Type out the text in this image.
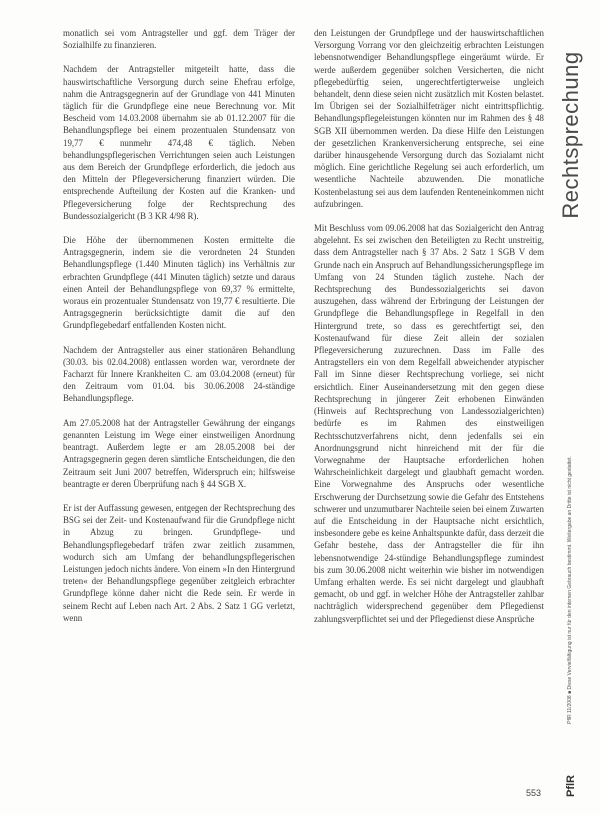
monatlich sei vom Antragsteller und ggf. dem Träger der Sozialhilfe zu finanzieren.

Nachdem der Antragsteller mitgeteilt hatte, dass die hauswirtschaftliche Versorgung durch seine Ehefrau erfolge, nahm die Antragsgegnerin auf der Grundlage von 441 Minuten täglich für die Grundpflege eine neue Berechnung vor. Mit Bescheid vom 14.03.2008 übernahm sie ab 01.12.2007 für die Behandlungspflege bei einem prozentualen Stundensatz von 19,77 € nunmehr 474,48 € täglich. Neben behandlungspflegerischen Verrichtungen seien auch Leistungen aus dem Bereich der Grundpflege erforderlich, die jedoch aus den Mitteln der Pflegeversicherung finanziert würden. Die entsprechende Aufteilung der Kosten auf die Kranken- und Pflegeversicherung folge der Rechtsprechung des Bundessozialgericht (B 3 KR 4/98 R).

Die Höhe der übernommenen Kosten ermittelte die Antragsgegnerin, indem sie die verordneten 24 Stunden Behandlungspflege (1.440 Minuten täglich) ins Verhältnis zur erbrachten Grundpflege (441 Minuten täglich) setzte und daraus einen Anteil der Behandlungspflege von 69,37 % ermittelte, woraus ein prozentualer Stundensatz von 19,77 € resultierte. Die Antragsgegnerin berücksichtigte damit die auf den Grundpflegebedarf entfallenden Kosten nicht.

Nachdem der Antragsteller aus einer stationären Behandlung (30.03. bis 02.04.2008) entlassen worden war, verordnete der Facharzt für Innere Krankheiten C. am 03.04.2008 (erneut) für den Zeitraum vom 01.04. bis 30.06.2008 24-ständige Behandlungspflege.

Am 27.05.2008 hat der Antragsteller Gewährung der eingangs genannten Leistung im Wege einer einstweiligen Anordnung beantragt. Außerdem legte er am 28.05.2008 bei der Antragsgegnerin gegen deren sämtliche Entscheidungen, die den Zeitraum seit Juni 2007 betreffen, Widerspruch ein; hilfsweise beantragte er deren Überprüfung nach § 44 SGB X.

Er ist der Auffassung gewesen, entgegen der Rechtsprechung des BSG sei der Zeit- und Kostenaufwand für die Grundpflege nicht in Abzug zu bringen. Grundpflege- und Behandlungspflegebedarf träfen zwar zeitlich zusammen, wodurch sich am Umfang der behandlungspflegerischen Leistungen jedoch nichts ändere. Von einem »In den Hintergrund treten« der Behandlungspflege gegenüber zeitgleich erbrachter Grundpflege könne daher nicht die Rede sein. Er werde in seinem Recht auf Leben nach Art. 2 Abs. 2 Satz 1 GG verletzt, wenn

den Leistungen der Grundpflege und der hauswirtschaftlichen Versorgung Vorrang vor den gleichzeitig erbrachten Leistungen lebensnotwendiger Behandlungspflege eingeräumt würde. Er werde außerdem gegenüber solchen Versicherten, die nicht pflegebedürftig seien, ungerechtfertigterweise ungleich behandelt, denn diese seien nicht zusätzlich mit Kosten belastet. Im Übrigen sei der Sozialhilfeträger nicht eintrittspflichtig. Behandlungspflegeleistungen könnten nur im Rahmen des § 48 SGB XII übernommen werden. Da diese Hilfe den Leistungen der gesetzlichen Krankenversicherung entspreche, sei eine darüber hinausgehende Versorgung durch das Sozialamt nicht möglich. Eine gerichtliche Regelung sei auch erforderlich, um wesentliche Nachteile abzuwenden. Die monatliche Kostenbelastung sei aus dem laufenden Renteneinkommen nicht aufzubringen.

Mit Beschluss vom 09.06.2008 hat das Sozialgericht den Antrag abgelehnt. Es sei zwischen den Beteiligten zu Recht unstreitig, dass dem Antragsteller nach § 37 Abs. 2 Satz 1 SGB V dem Grunde nach ein Anspruch auf Behandlungssicherungspflege im Umfang von 24 Stunden täglich zustehe. Nach der Rechtsprechung des Bundessozialgerichts sei davon auszugehen, dass während der Erbringung der Leistungen der Grundpflege die Behandlungspflege in Regelfall in den Hintergrund trete, so dass es gerechtfertigt sei, den Kostenaufwand für diese Zeit allein der sozialen Pflegeversicherung zuzurechnen. Dass im Falle des Antragstellers ein von dem Regelfall abweichender atypischer Fall im Sinne dieser Rechtsprechung vorliege, sei nicht ersichtlich. Einer Auseinandersetzung mit den gegen diese Rechtsprechung in jüngerer Zeit erhobenen Einwänden (Hinweis auf Rechtsprechung von Landessozialgerichten) bedürfe es im Rahmen des einstweiligen Rechtsschutzverfahrens nicht, denn jedenfalls sei ein Anordnungsgrund nicht hinreichend mit der für die Vorwegnahme der Hauptsache erforderlichen hohen Wahrscheinlichkeit dargelegt und glaubhaft gemacht worden. Eine Vorwegnahme des Anspruchs oder wesentliche Erschwerung der Durchsetzung sowie die Gefahr des Entstehens schwerer und unzumutbarer Nachteile seien bei einem Zuwarten auf die Entscheidung in der Hauptsache nicht ersichtlich, insbesondere gebe es keine Anhaltspunkte dafür, dass derzeit die Gefahr bestehe, dass der Antragsteller die für ihn lebensnotwendige 24-stündige Behandlungspflege zumindest bis zum 30.06.2008 nicht weiterhin wie bisher im notwendigen Umfang erhalten werde. Es sei nicht dargelegt und glaubhaft gemacht, ob und ggf. in welcher Höhe der Antragsteller zahlbar nachträglich widersprechend gegenüber dem Pflegedienst zahlungsverpflichtet sei und der Pflegedienst diese Ansprüche

Rechtsprechung
PflR 11/2008 ■ Diese Vervielfältigung ist nur für den internen Gebrauch bestimmt. Weitergabe an Dritte ist nicht gestattet.
PflR
553
